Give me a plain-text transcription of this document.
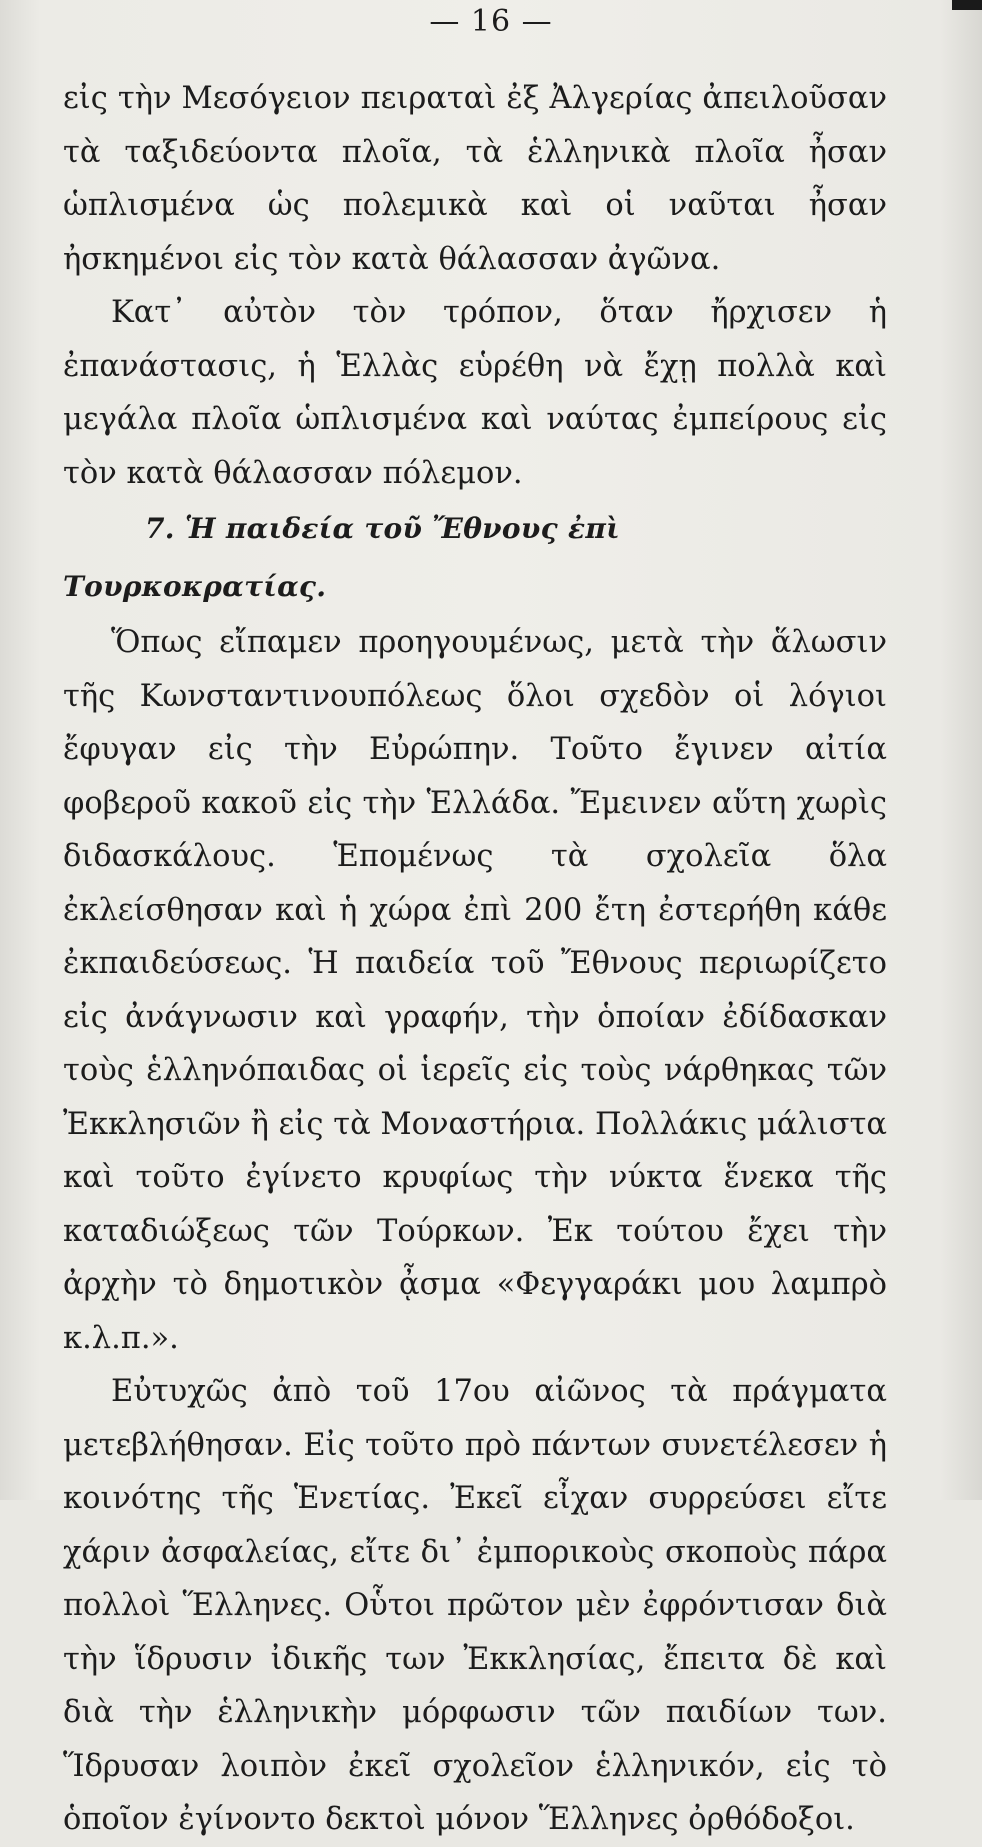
— 16 —

εἰς τὴν Μεσόγειον πειραταὶ ἐξ Ἀλγερίας ἀπειλοῦσαν τὰ ταξιδεύοντα πλοῖα, τὰ ἑλληνικὰ πλοῖα ἦσαν ὡπλισμένα ὡς πολεμικὰ καὶ οἱ ναῦται ἦσαν ἠσκημένοι εἰς τὸν κατὰ θάλασσαν ἀγῶνα.

Κατ᾽ αὐτὸν τὸν τρόπον, ὅταν ἤρχισεν ἡ ἐπανάστασις, ἡ Ἑλλὰς εὑρέθη νὰ ἔχῃ πολλὰ καὶ μεγάλα πλοῖα ὡπλισμένα καὶ ναύτας ἐμπείρους εἰς τὸν κατὰ θάλασσαν πόλεμον.

7. Ἡ παιδεία τοῦ Ἔθνους ἐπὶ Τουρκοκρατίας.

Ὅπως εἴπαμεν προηγουμένως, μετὰ τὴν ἅλωσιν τῆς Κωνσταντινουπόλεως ὅλοι σχεδὸν οἱ λόγιοι ἔφυγαν εἰς τὴν Εὐρώπην. Τοῦτο ἔγινεν αἰτία φοβεροῦ κακοῦ εἰς τὴν Ἑλλάδα. Ἔμεινεν αὕτη χωρὶς διδασκάλους. Ἑπομένως τὰ σχολεῖα ὅλα ἐκλείσθησαν καὶ ἡ χώρα ἐπὶ 200 ἔτη ἐστερήθη κάθε ἐκπαιδεύσεως. Ἡ παιδεία τοῦ Ἔθνους περιωρίζετο εἰς ἀνάγνωσιν καὶ γραφήν, τὴν ὁποίαν ἐδίδασκαν τοὺς ἑλληνόπαιδας οἱ ἱερεῖς εἰς τοὺς νάρθηκας τῶν Ἐκκλησιῶν ἢ εἰς τὰ Μοναστήρια. Πολλάκις μάλιστα καὶ τοῦτο ἐγίνετο κρυφίως τὴν νύκτα ἕνεκα τῆς καταδιώξεως τῶν Τούρκων. Ἐκ τούτου ἔχει τὴν ἀρχὴν τὸ δημοτικὸν ᾆσμα «Φεγγαράκι μου λαμπρὸ κ.λ.π.».

Εὐτυχῶς ἀπὸ τοῦ 17ου αἰῶνος τὰ πράγματα μετεβλήθησαν. Εἰς τοῦτο πρὸ πάντων συνετέλεσεν ἡ κοινότης τῆς Ἑνετίας. Ἐκεῖ εἶχαν συρρεύσει εἴτε χάριν ἀσφαλείας, εἴτε δι᾽ ἐμπορικοὺς σκοποὺς πάρα πολλοὶ Ἕλληνες. Οὗτοι πρῶτον μὲν ἐφρόντισαν διὰ τὴν ἵδρυσιν ἰδικῆς των Ἐκκλησίας, ἔπειτα δὲ καὶ διὰ τὴν ἑλληνικὴν μόρφωσιν τῶν παιδίων των. Ἵδρυσαν λοιπὸν ἐκεῖ σχολεῖον ἑλληνικόν, εἰς τὸ ὁποῖον ἐγίνοντο δεκτοὶ μόνον Ἕλληνες ὀρθόδοξοι.
